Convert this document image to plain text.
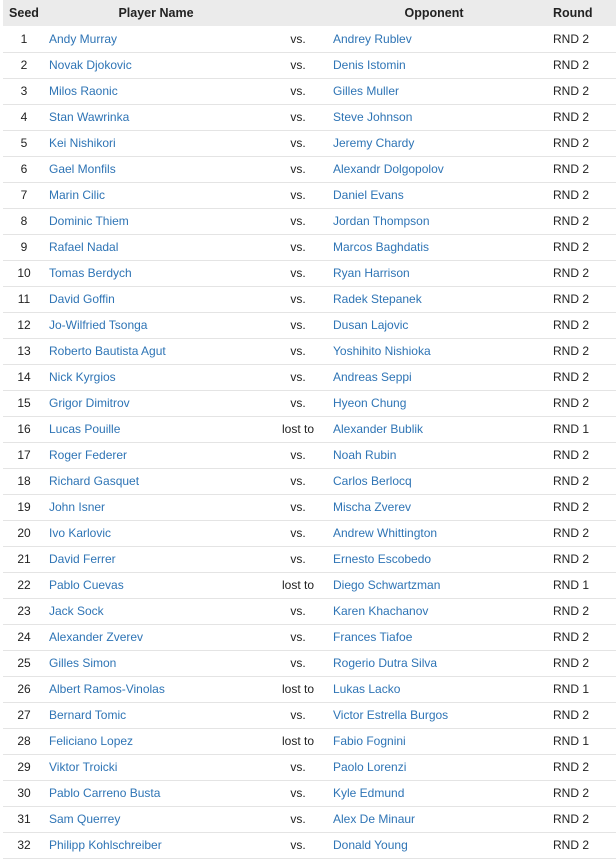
Seed	Player Name		Opponent	Round
1	Andy Murray	vs.	Andrey Rublev	RND 2
2	Novak Djokovic	vs.	Denis Istomin	RND 2
3	Milos Raonic	vs.	Gilles Muller	RND 2
4	Stan Wawrinka	vs.	Steve Johnson	RND 2
5	Kei Nishikori	vs.	Jeremy Chardy	RND 2
6	Gael Monfils	vs.	Alexandr Dolgopolov	RND 2
7	Marin Cilic	vs.	Daniel Evans	RND 2
8	Dominic Thiem	vs.	Jordan Thompson	RND 2
9	Rafael Nadal	vs.	Marcos Baghdatis	RND 2
10	Tomas Berdych	vs.	Ryan Harrison	RND 2
11	David Goffin	vs.	Radek Stepanek	RND 2
12	Jo-Wilfried Tsonga	vs.	Dusan Lajovic	RND 2
13	Roberto Bautista Agut	vs.	Yoshihito Nishioka	RND 2
14	Nick Kyrgios	vs.	Andreas Seppi	RND 2
15	Grigor Dimitrov	vs.	Hyeon Chung	RND 2
16	Lucas Pouille	lost to	Alexander Bublik	RND 1
17	Roger Federer	vs.	Noah Rubin	RND 2
18	Richard Gasquet	vs.	Carlos Berlocq	RND 2
19	John Isner	vs.	Mischa Zverev	RND 2
20	Ivo Karlovic	vs.	Andrew Whittington	RND 2
21	David Ferrer	vs.	Ernesto Escobedo	RND 2
22	Pablo Cuevas	lost to	Diego Schwartzman	RND 1
23	Jack Sock	vs.	Karen Khachanov	RND 2
24	Alexander Zverev	vs.	Frances Tiafoe	RND 2
25	Gilles Simon	vs.	Rogerio Dutra Silva	RND 2
26	Albert Ramos-Vinolas	lost to	Lukas Lacko	RND 1
27	Bernard Tomic	vs.	Victor Estrella Burgos	RND 2
28	Feliciano Lopez	lost to	Fabio Fognini	RND 1
29	Viktor Troicki	vs.	Paolo Lorenzi	RND 2
30	Pablo Carreno Busta	vs.	Kyle Edmund	RND 2
31	Sam Querrey	vs.	Alex De Minaur	RND 2
32	Philipp Kohlschreiber	vs.	Donald Young	RND 2
